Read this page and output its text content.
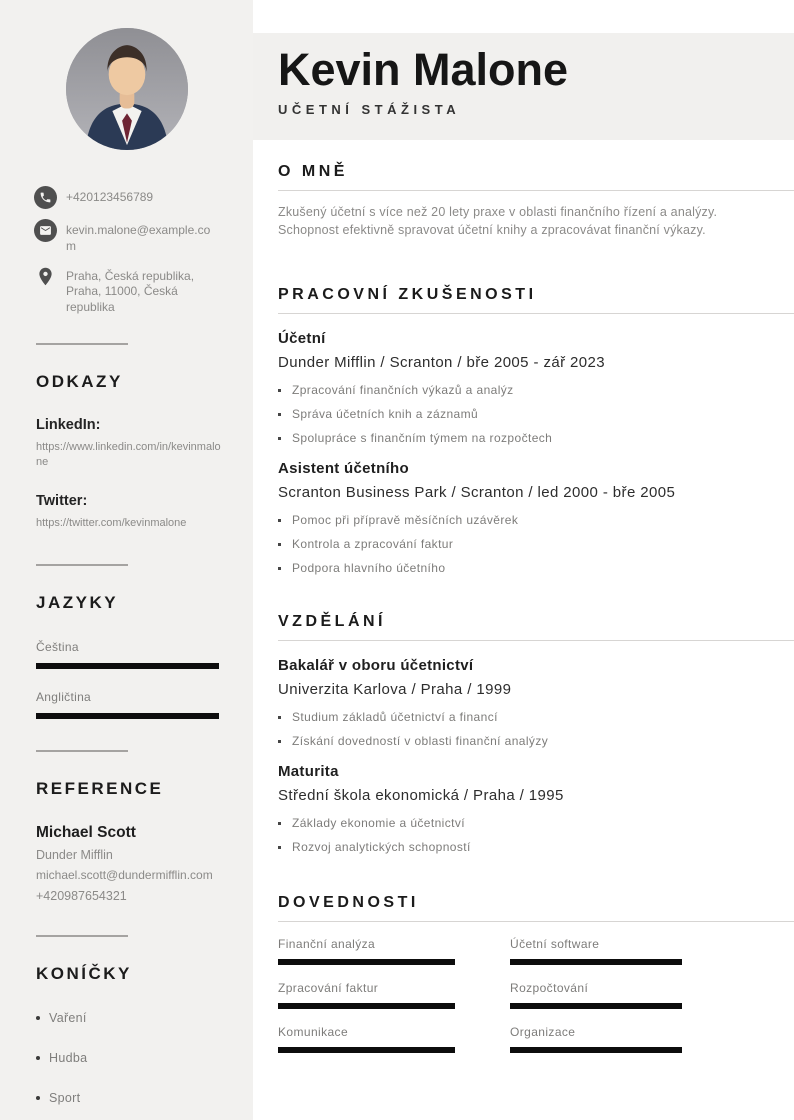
+420123456789
kevin.malone@example.com
Praha, Česká republika, Praha, 11000, Česká republika
ODKAZY
LinkedIn:
https://www.linkedin.com/in/kevinmalone
Twitter:
https://twitter.com/kevinmalone
JAZYKY
Čeština
Angličtina
REFERENCE
Michael Scott
Dunder Mifflin
michael.scott@dundermifflin.com
+420987654321
KONÍČKY
Vaření
Hudba
Sport
Kevin Malone
UČETNÍ STÁŽISTA
O MNĚ

Zkušený účetní s více než 20 lety praxe v oblasti finančního řízení a analýzy. Schopnost efektivně spravovat účetní knihy a zpracovávat finanční výkazy.

PRACOVNÍ ZKUŠENOSTI
Účetní
Dunder Mifflin / Scranton / bře 2005 - zář 2023
Zpracování finančních výkazů a analýz
Správa účetních knih a záznamů
Spolupráce s finančním týmem na rozpočtech
Asistent účetního
Scranton Business Park / Scranton / led 2000 - bře 2005
Pomoc při přípravě měsíčních uzávěrek
Kontrola a zpracování faktur
Podpora hlavního účetního
VZDĚLÁNÍ
Bakalář v oboru účetnictví
Univerzita Karlova / Praha / 1999
Studium základů účetnictví a financí
Získání dovedností v oblasti finanční analýzy
Maturita
Střední škola ekonomická / Praha / 1995
Základy ekonomie a účetnictví
Rozvoj analytických schopností
DOVEDNOSTI
Finanční analýza	Účetní software
Zpracování faktur	Rozpočtování
Komunikace	Organizace
